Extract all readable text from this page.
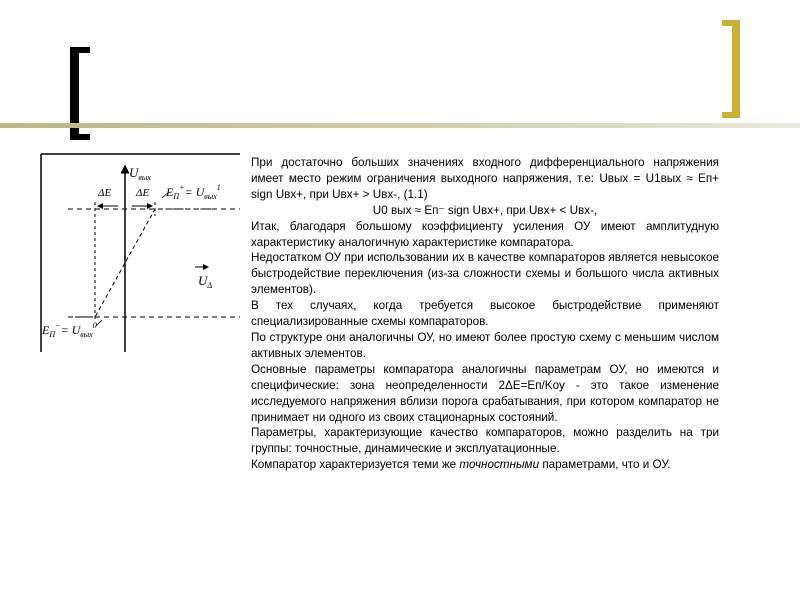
$U_{вых}$
ΔE ΔE $E_П^+= U_{вых}^1$
$U_\Delta$
$E_П^-= U_{вых}^0$

При достаточно больших значениях входного дифференциального напряжения имеет место режим ограничения выходного напряжения, т.е: Uвых = U1вых ≈ Eп+ sign Uвх+, при Uвх+ > Uвх-, (1.1)

U0 вых ≈ Eп⁻ sign Uвх+, при Uвх+ < Uвх-,

Итак, благодаря большому коэффициенту усиления ОУ имеют амплитудную характеристику аналогичную характеристике компаратора.

Недостатком ОУ при использовании их в качестве компараторов является невысокое быстродействие переключения (из-за сложности схемы и большого числа активных элементов).

В тех случаях, когда требуется высокое быстродействие применяют специализированные схемы компараторов.

По структуре они аналогичны ОУ, но имеют более простую схему с меньшим числом активных элементов.

Основные параметры компаратора аналогичны параметрам ОУ, но имеются и специфические: зона неопределенности 2ΔE=Eп/Kоу - это такое изменение исследуемого напряжения вблизи порога срабатывания, при котором компаратор не принимает ни одного из своих стационарных состояний.

Параметры, характеризующие качество компараторов, можно разделить на три группы: точностные, динамические и эксплуатационные.

Компаратор характеризуется теми же точностными параметрами, что и ОУ.
